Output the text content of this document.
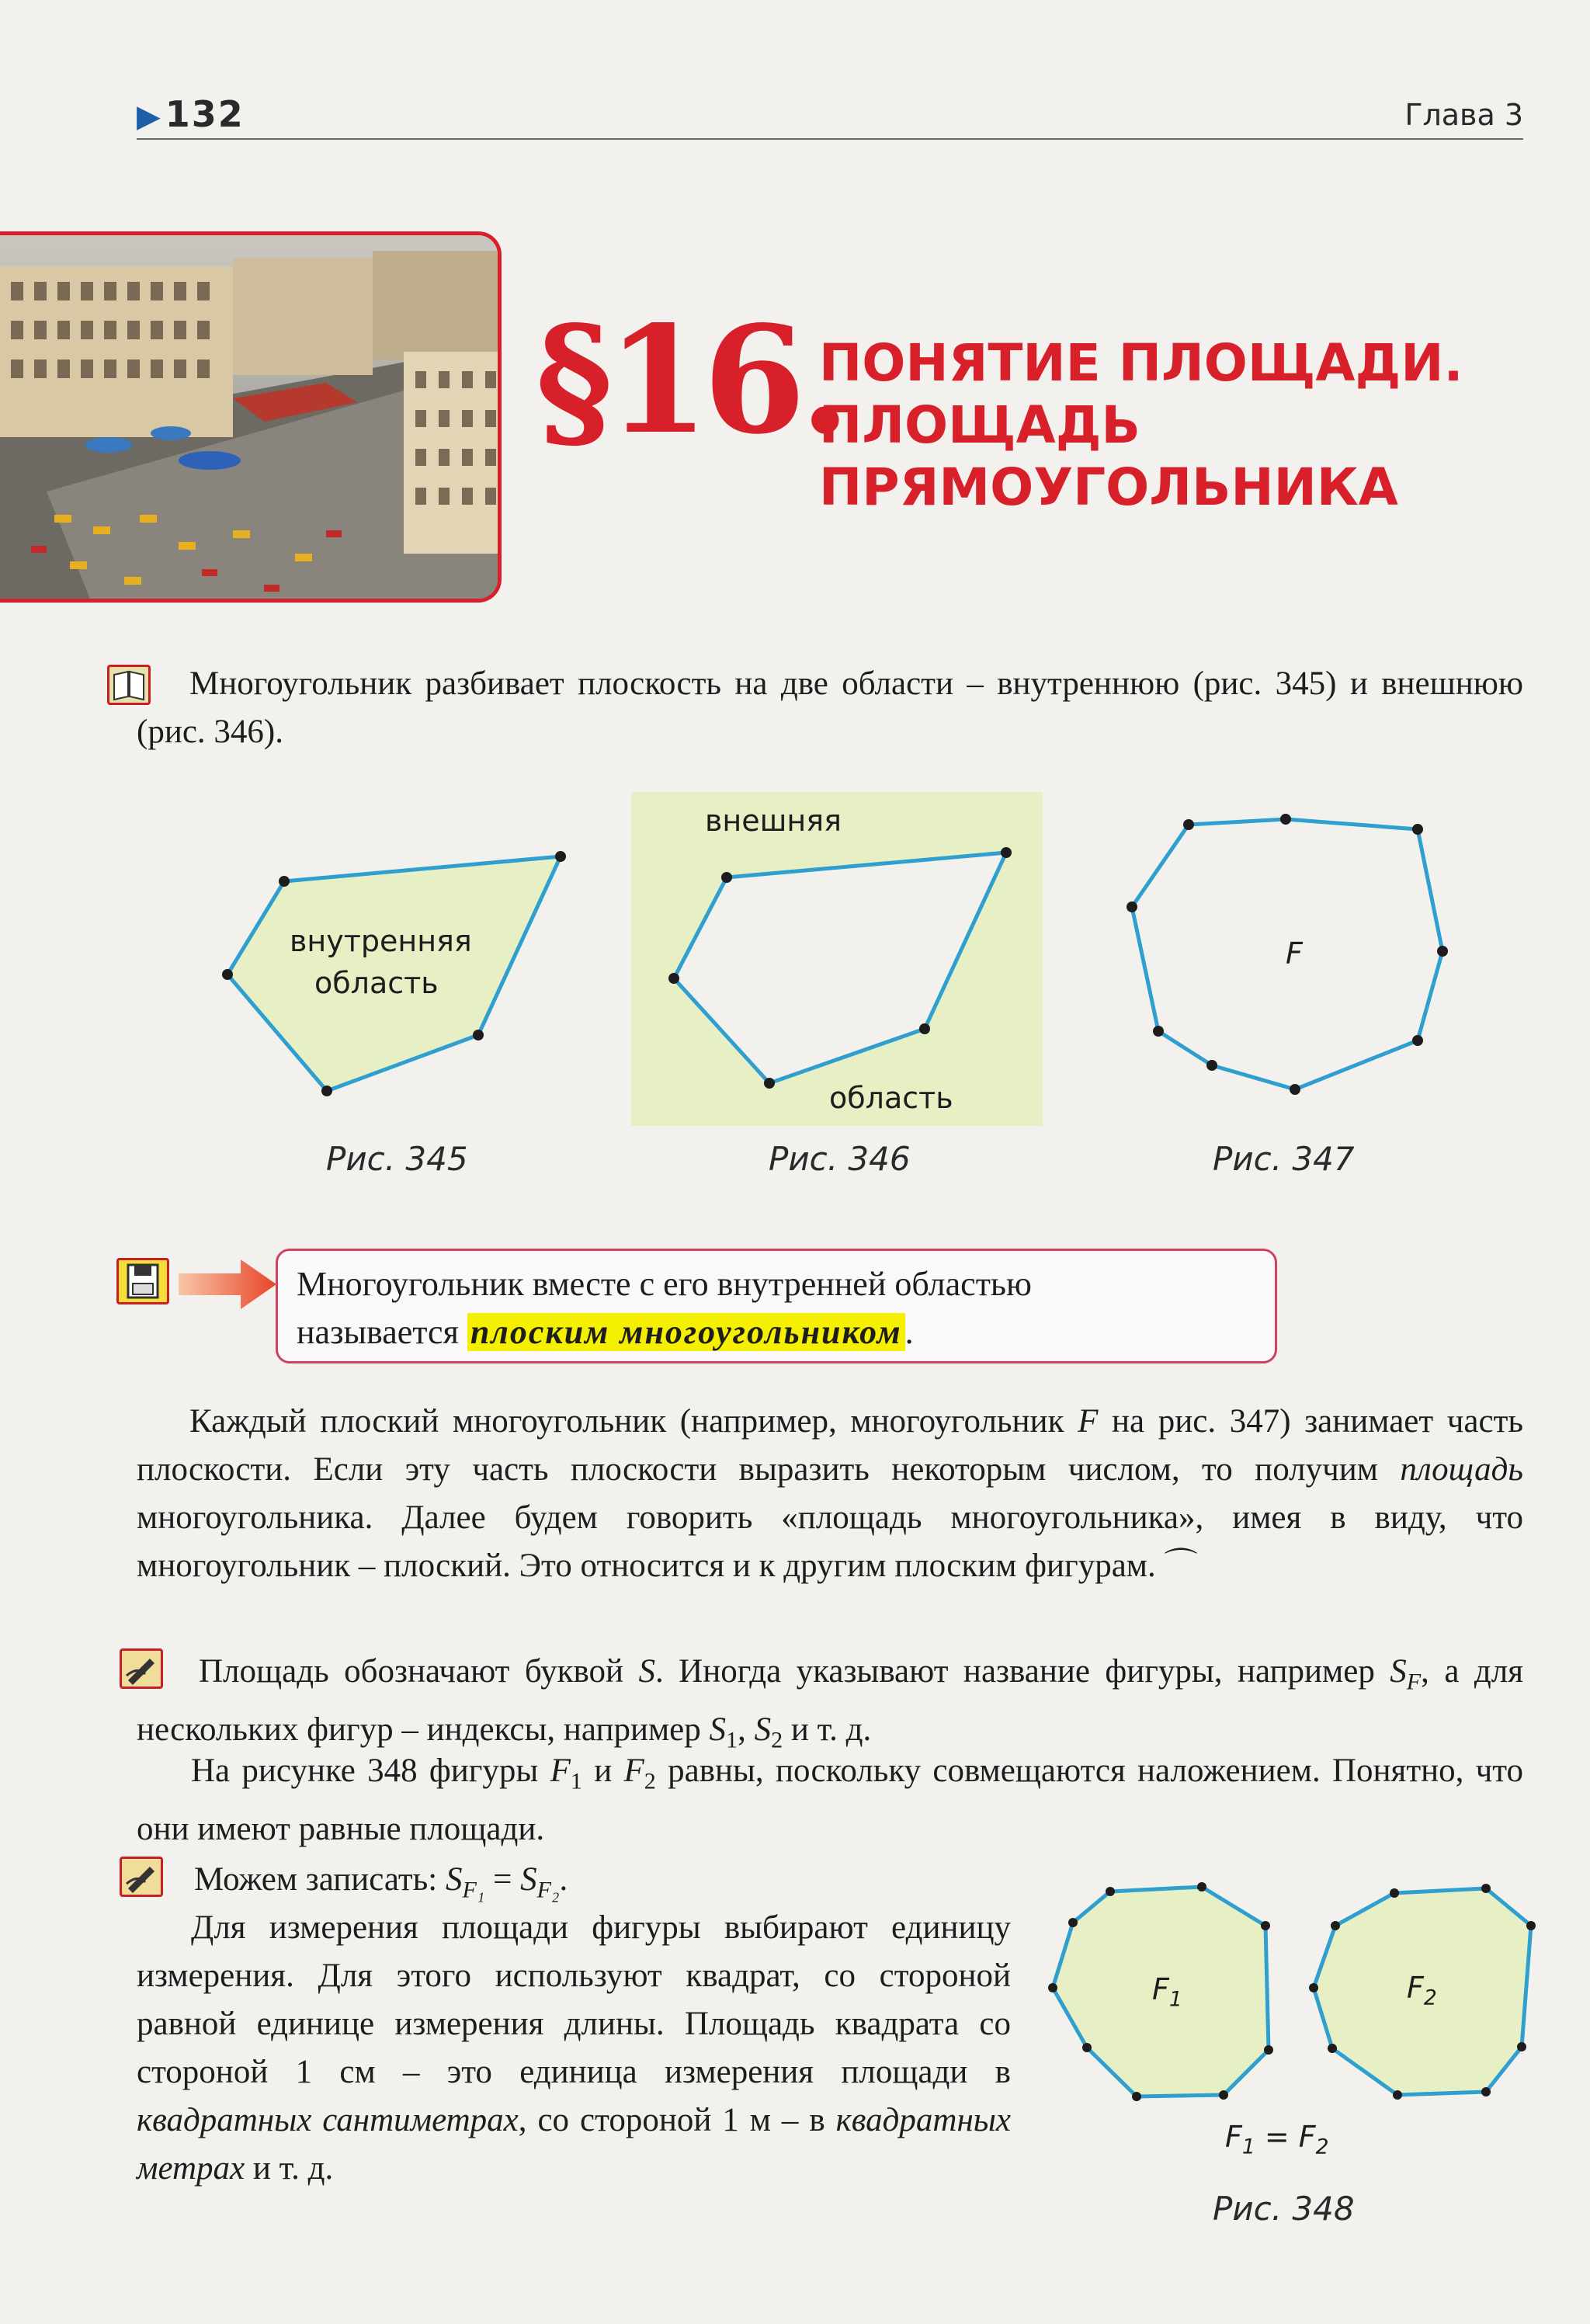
▶132	Глава 3
§16.
ПОНЯТИЕ ПЛОЩАДИ.
ПЛОЩАДЬ
ПРЯМОУГОЛЬНИКА
Многоугольник разбивает плоскость на две области – внутреннюю (рис. 345) и внешнюю (рис. 346).
внутренняя
область
внешняя
область
F
Рис. 345	Рис. 346	Рис. 347
Многоугольник вместе с его внутренней областью
называется плоским многоугольником.
Каждый плоский многоугольник (например, многоугольник F на рис. 347) занимает часть плоскости. Если эту часть плоскости выразить некоторым числом, то получим площадь многоугольника. Далее будем говорить «площадь многоугольника», имея в виду, что многоугольник – плоский. Это относится и к другим плоским фигурам. ⌒
Площадь обозначают буквой S. Иногда указывают название фигуры, например $S_F$, а для нескольких фигур – индексы, например $S_1$, $S_2$ и т. д.
На рисунке 348 фигуры $F_1$ и $F_2$ равны, поскольку совмещаются наложением. Понятно, что они имеют равные площади.
Можем записать: $S_{F_1} = S_{F_2}$.
Для измерения площади фигуры выбирают единицу измерения. Для этого используют квадрат, со стороной равной единице измерения длины. Площадь квадрата со стороной 1 см – это единица измерения площади в квадратных сантиметрах, со стороной 1 м – в квадратных метрах и т. д.
$F_1$	$F_2$
$F_1 = F_2$
Рис. 348
